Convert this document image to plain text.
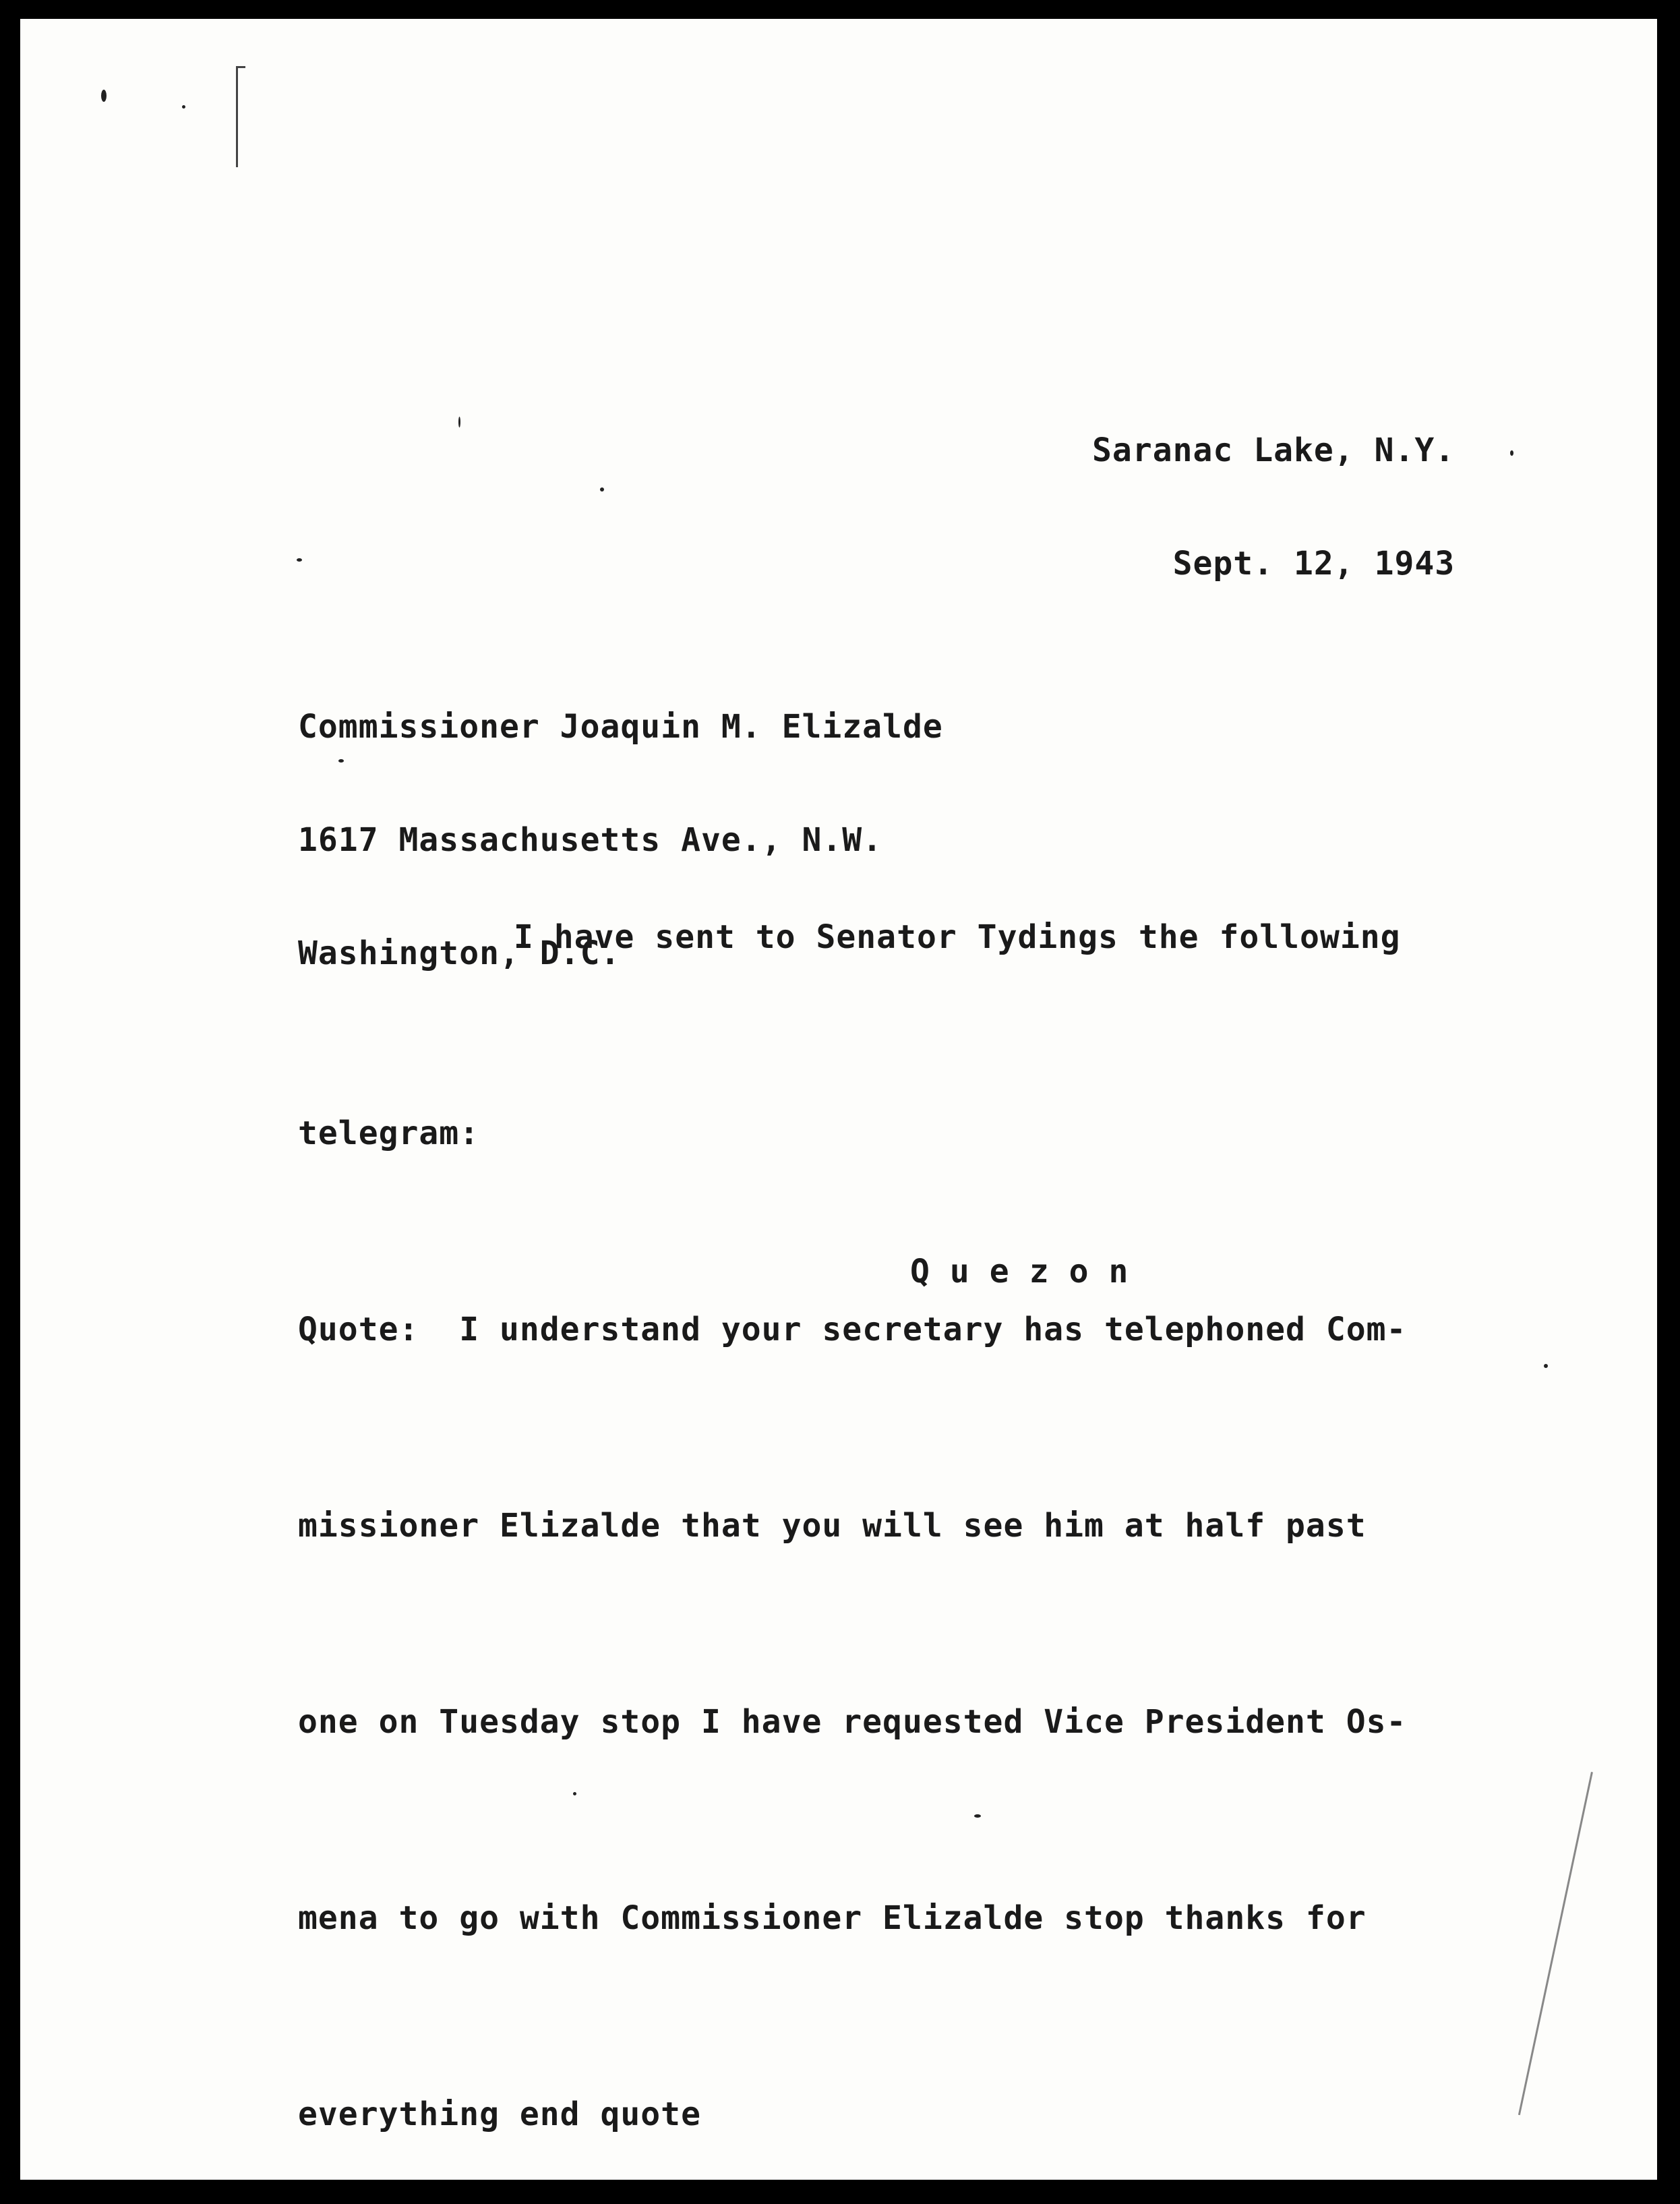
Saranac Lake, N.Y.

Sept. 12, 1943

Commissioner Joaquin M. Elizalde

1617 Massachusetts Ave., N.W.

Washington, D.C.

I have sent to Senator Tydings the following

telegram:

Quote:  I understand your secretary has telephoned Com-

missioner Elizalde that you will see him at half past

one on Tuesday stop I have requested Vice President Os-

mena to go with Commissioner Elizalde stop thanks for

everything end quote

Quezon
